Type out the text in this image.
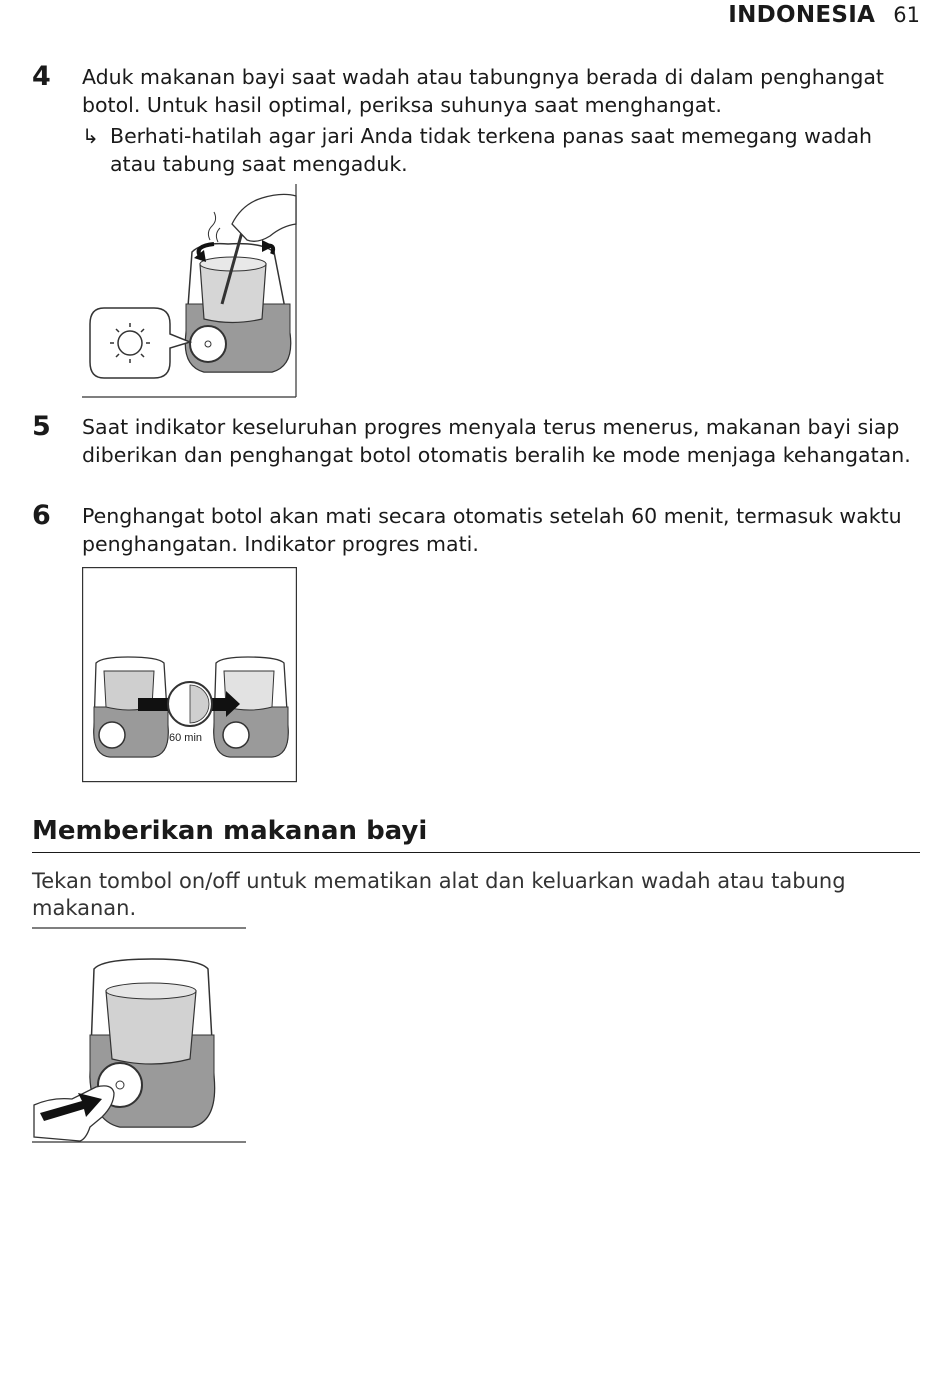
INDONESIA 61
4 Aduk makanan bayi saat wadah atau tabungnya berada di dalam penghangat botol. Untuk hasil optimal, periksa suhunya saat menghangat.
↳ Berhati-hatilah agar jari Anda tidak terkena panas saat memegang wadah atau tabung saat mengaduk.
5 Saat indikator keseluruhan progres menyala terus menerus, makanan bayi siap diberikan dan penghangat botol otomatis beralih ke mode menjaga kehangatan.
6 Penghangat botol akan mati secara otomatis setelah 60 menit, termasuk waktu penghangatan. Indikator progres mati.
60 min
Memberikan makanan bayi
Tekan tombol on/off untuk mematikan alat dan keluarkan wadah atau tabung makanan.
